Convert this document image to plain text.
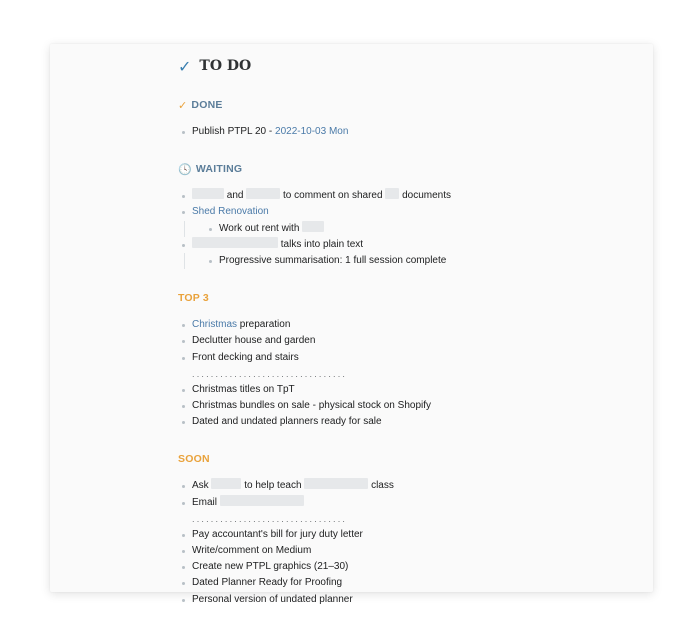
✓ TO DO
✓ DONE
Publish PTPL 20 - 2022-10-03 Mon
🕓 WAITING
and	to comment on shared documents
Shed Renovation
Work out rent with
talks into plain text
Progressive summarisation: 1 full session complete
TOP 3
Christmas preparation
Declutter house and garden
Front decking and stairs
.................................
Christmas titles on TpT
Christmas bundles on sale - physical stock on Shopify
Dated and undated planners ready for sale
SOON
Ask	to help teach	class
Email
.................................
Pay accountant's bill for jury duty letter
Write/comment on Medium
Create new PTPL graphics (21–30)
Dated Planner Ready for Proofing
Personal version of undated planner
